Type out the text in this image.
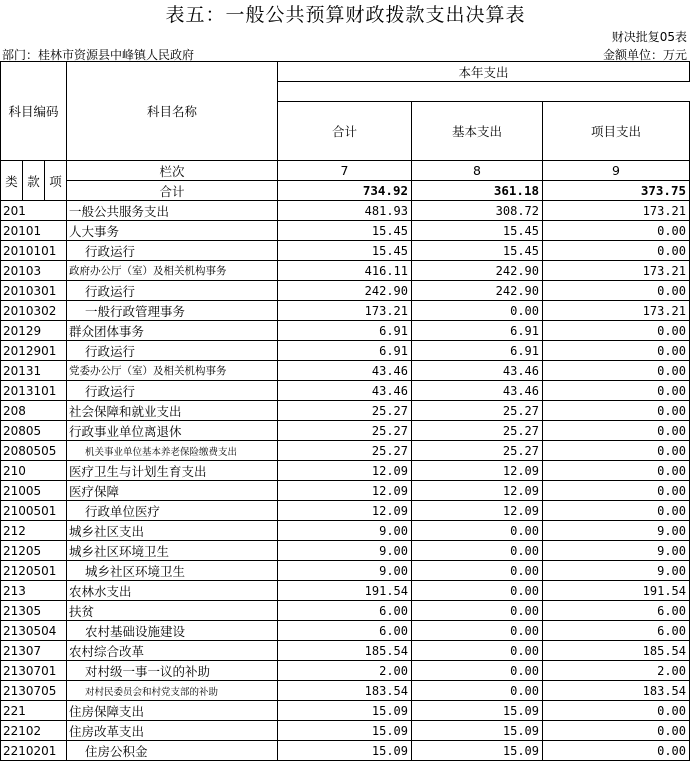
表五：一般公共预算财政拨款支出决算表
财决批复05表
部门：桂林市资源县中峰镇人民政府	金额单位：万元
科目编码			科目名称	本年支出		

				合计	基本支出	项目支出

类	款	项	栏次	7	8	9
			合计	734.92	361.18	373.75
201			一般公共服务支出	481.93	308.72	173.21
20101			人大事务	15.45	15.45	0.00
2010101			行政运行	15.45	15.45	0.00
20103			政府办公厅（室）及相关机构事务	416.11	242.90	173.21
2010301			行政运行	242.90	242.90	0.00
2010302			一般行政管理事务	173.21	0.00	173.21
20129			群众团体事务	6.91	6.91	0.00
2012901			行政运行	6.91	6.91	0.00
20131			党委办公厅（室）及相关机构事务	43.46	43.46	0.00
2013101			行政运行	43.46	43.46	0.00
208			社会保障和就业支出	25.27	25.27	0.00
20805			行政事业单位离退休	25.27	25.27	0.00
2080505			机关事业单位基本养老保险缴费支出	25.27	25.27	0.00
210			医疗卫生与计划生育支出	12.09	12.09	0.00
21005			医疗保障	12.09	12.09	0.00
2100501			行政单位医疗	12.09	12.09	0.00
212			城乡社区支出	9.00	0.00	9.00
21205			城乡社区环境卫生	9.00	0.00	9.00
2120501			城乡社区环境卫生	9.00	0.00	9.00
213			农林水支出	191.54	0.00	191.54
21305			扶贫	6.00	0.00	6.00
2130504			农村基础设施建设	6.00	0.00	6.00
21307			农村综合改革	185.54	0.00	185.54
2130701			对村级一事一议的补助	2.00	0.00	2.00
2130705			对村民委员会和村党支部的补助	183.54	0.00	183.54
221			住房保障支出	15.09	15.09	0.00
22102			住房改革支出	15.09	15.09	0.00
2210201			住房公积金	15.09	15.09	0.00
